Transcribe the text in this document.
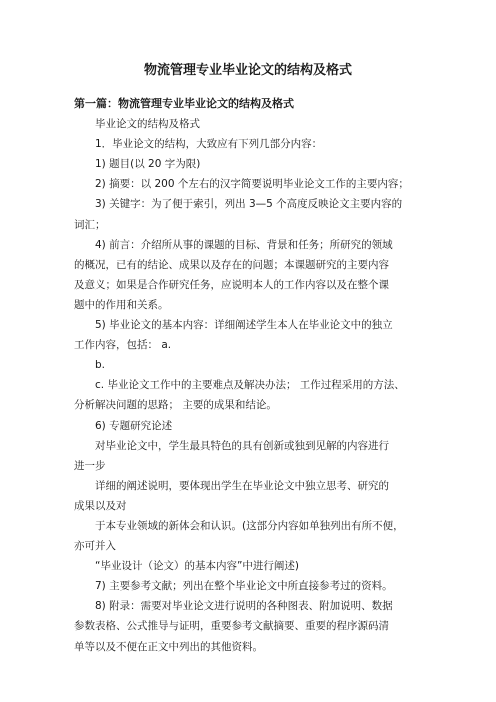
物流管理专业毕业论文的结构及格式

第一篇：物流管理专业毕业论文的结构及格式

毕业论文的结构及格式
1．毕业论文的结构，大致应有下列几部分内容：
1) 题目(以 20 字为限)
2) 摘要：以 200 个左右的汉字简要说明毕业论文工作的主要内容；
3) 关键字：为了便于索引，列出 3—5 个高度反映论文主要内容的
词汇；
4) 前言：介绍所从事的课题的目标、背景和任务；所研究的领域
的概况，已有的结论、成果以及存在的问题；本课题研究的主要内容
及意义；如果是合作研究任务，应说明本人的工作内容以及在整个课
题中的作用和关系。
5) 毕业论文的基本内容：详细阐述学生本人在毕业论文中的独立
工作内容，包括： a.
b.
c. 毕业论文工作中的主要难点及解决办法； 工作过程采用的方法、
分析解决问题的思路； 主要的成果和结论。
6) 专题研究论述
对毕业论文中，学生最具特色的具有创新或独到见解的内容进行
进一步
详细的阐述说明，要体现出学生在毕业论文中独立思考、研究的
成果以及对
于本专业领域的新体会和认识。(这部分内容如单独列出有所不便，
亦可并入
“毕业设计（论文）的基本内容”中进行阐述)
7) 主要参考文献；列出在整个毕业论文中所直接参考过的资料。
8) 附录：需要对毕业论文进行说明的各种图表、附加说明、数据
参数表格、公式推导与证明，重要参考文献摘要、重要的程序源码清
单等以及不便在正文中列出的其他资料。
